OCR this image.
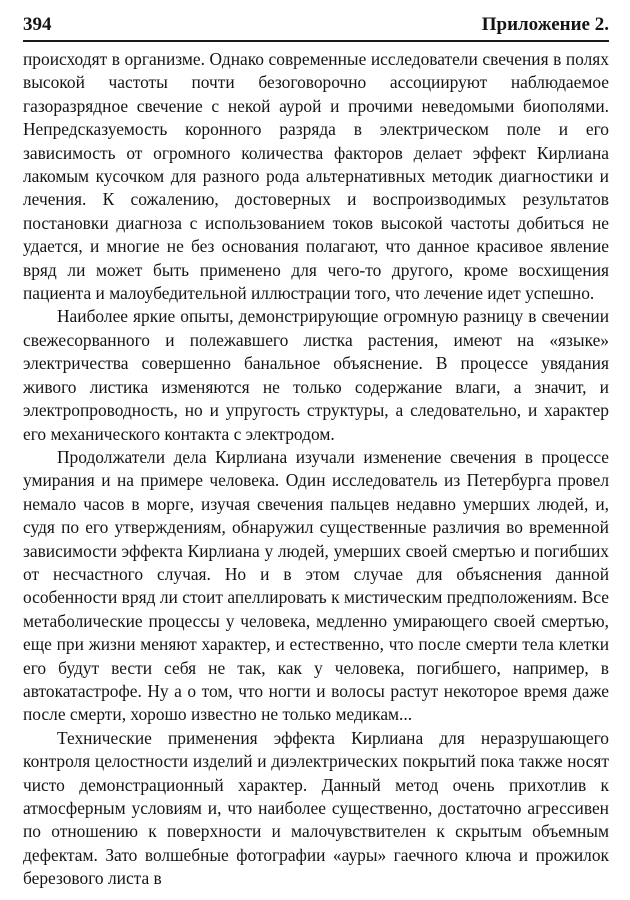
394	Приложение 2.

происходят в организме. Однако современные исследователи свечения в полях высокой частоты почти безоговорочно ассоциируют наблюдаемое газоразрядное свечение с некой аурой и прочими неведомыми биополями. Непредсказуемость коронного разряда в электрическом поле и его зависимость от огромного количества факторов делает эффект Кирлиана лакомым кусочком для разного рода альтернативных методик диагностики и лечения. К сожалению, достоверных и воспроизводимых результатов постановки диагноза с использованием токов высокой частоты добиться не удается, и многие не без основания полагают, что данное красивое явление вряд ли может быть применено для чего-то другого, кроме восхищения пациента и малоубедительной иллюстрации того, что лечение идет успешно.

Наиболее яркие опыты, демонстрирующие огромную разницу в свечении свежесорванного и полежавшего листка растения, имеют на «языке» электричества совершенно банальное объяснение. В процессе увядания живого листика изменяются не только содержание влаги, а значит, и электропроводность, но и упругость структуры, а следовательно, и характер его механического контакта с электродом.

Продолжатели дела Кирлиана изучали изменение свечения в процессе умирания и на примере человека. Один исследователь из Петербурга провел немало часов в морге, изучая свечения пальцев недавно умерших людей, и, судя по его утверждениям, обнаружил существенные различия во временной зависимости эффекта Кирлиана у людей, умерших своей смертью и погибших от несчастного случая. Но и в этом случае для объяснения данной особенности вряд ли стоит апеллировать к мистическим предположениям. Все метаболические процессы у человека, медленно умирающего своей смертью, еще при жизни меняют характер, и естественно, что после смерти тела клетки его будут вести себя не так, как у человека, погибшего, например, в автокатастрофе. Ну а о том, что ногти и волосы растут некоторое время даже после смерти, хорошо известно не только медикам...

Технические применения эффекта Кирлиана для неразрушающего контроля целостности изделий и диэлектрических покрытий пока также носят чисто демонстрационный характер. Данный метод очень прихотлив к атмосферным условиям и, что наиболее существенно, достаточно агрессивен по отношению к поверхности и малочувствителен к скрытым объемным дефектам. Зато волшебные фотографии «ауры» гаечного ключа и прожилок березового листа в
